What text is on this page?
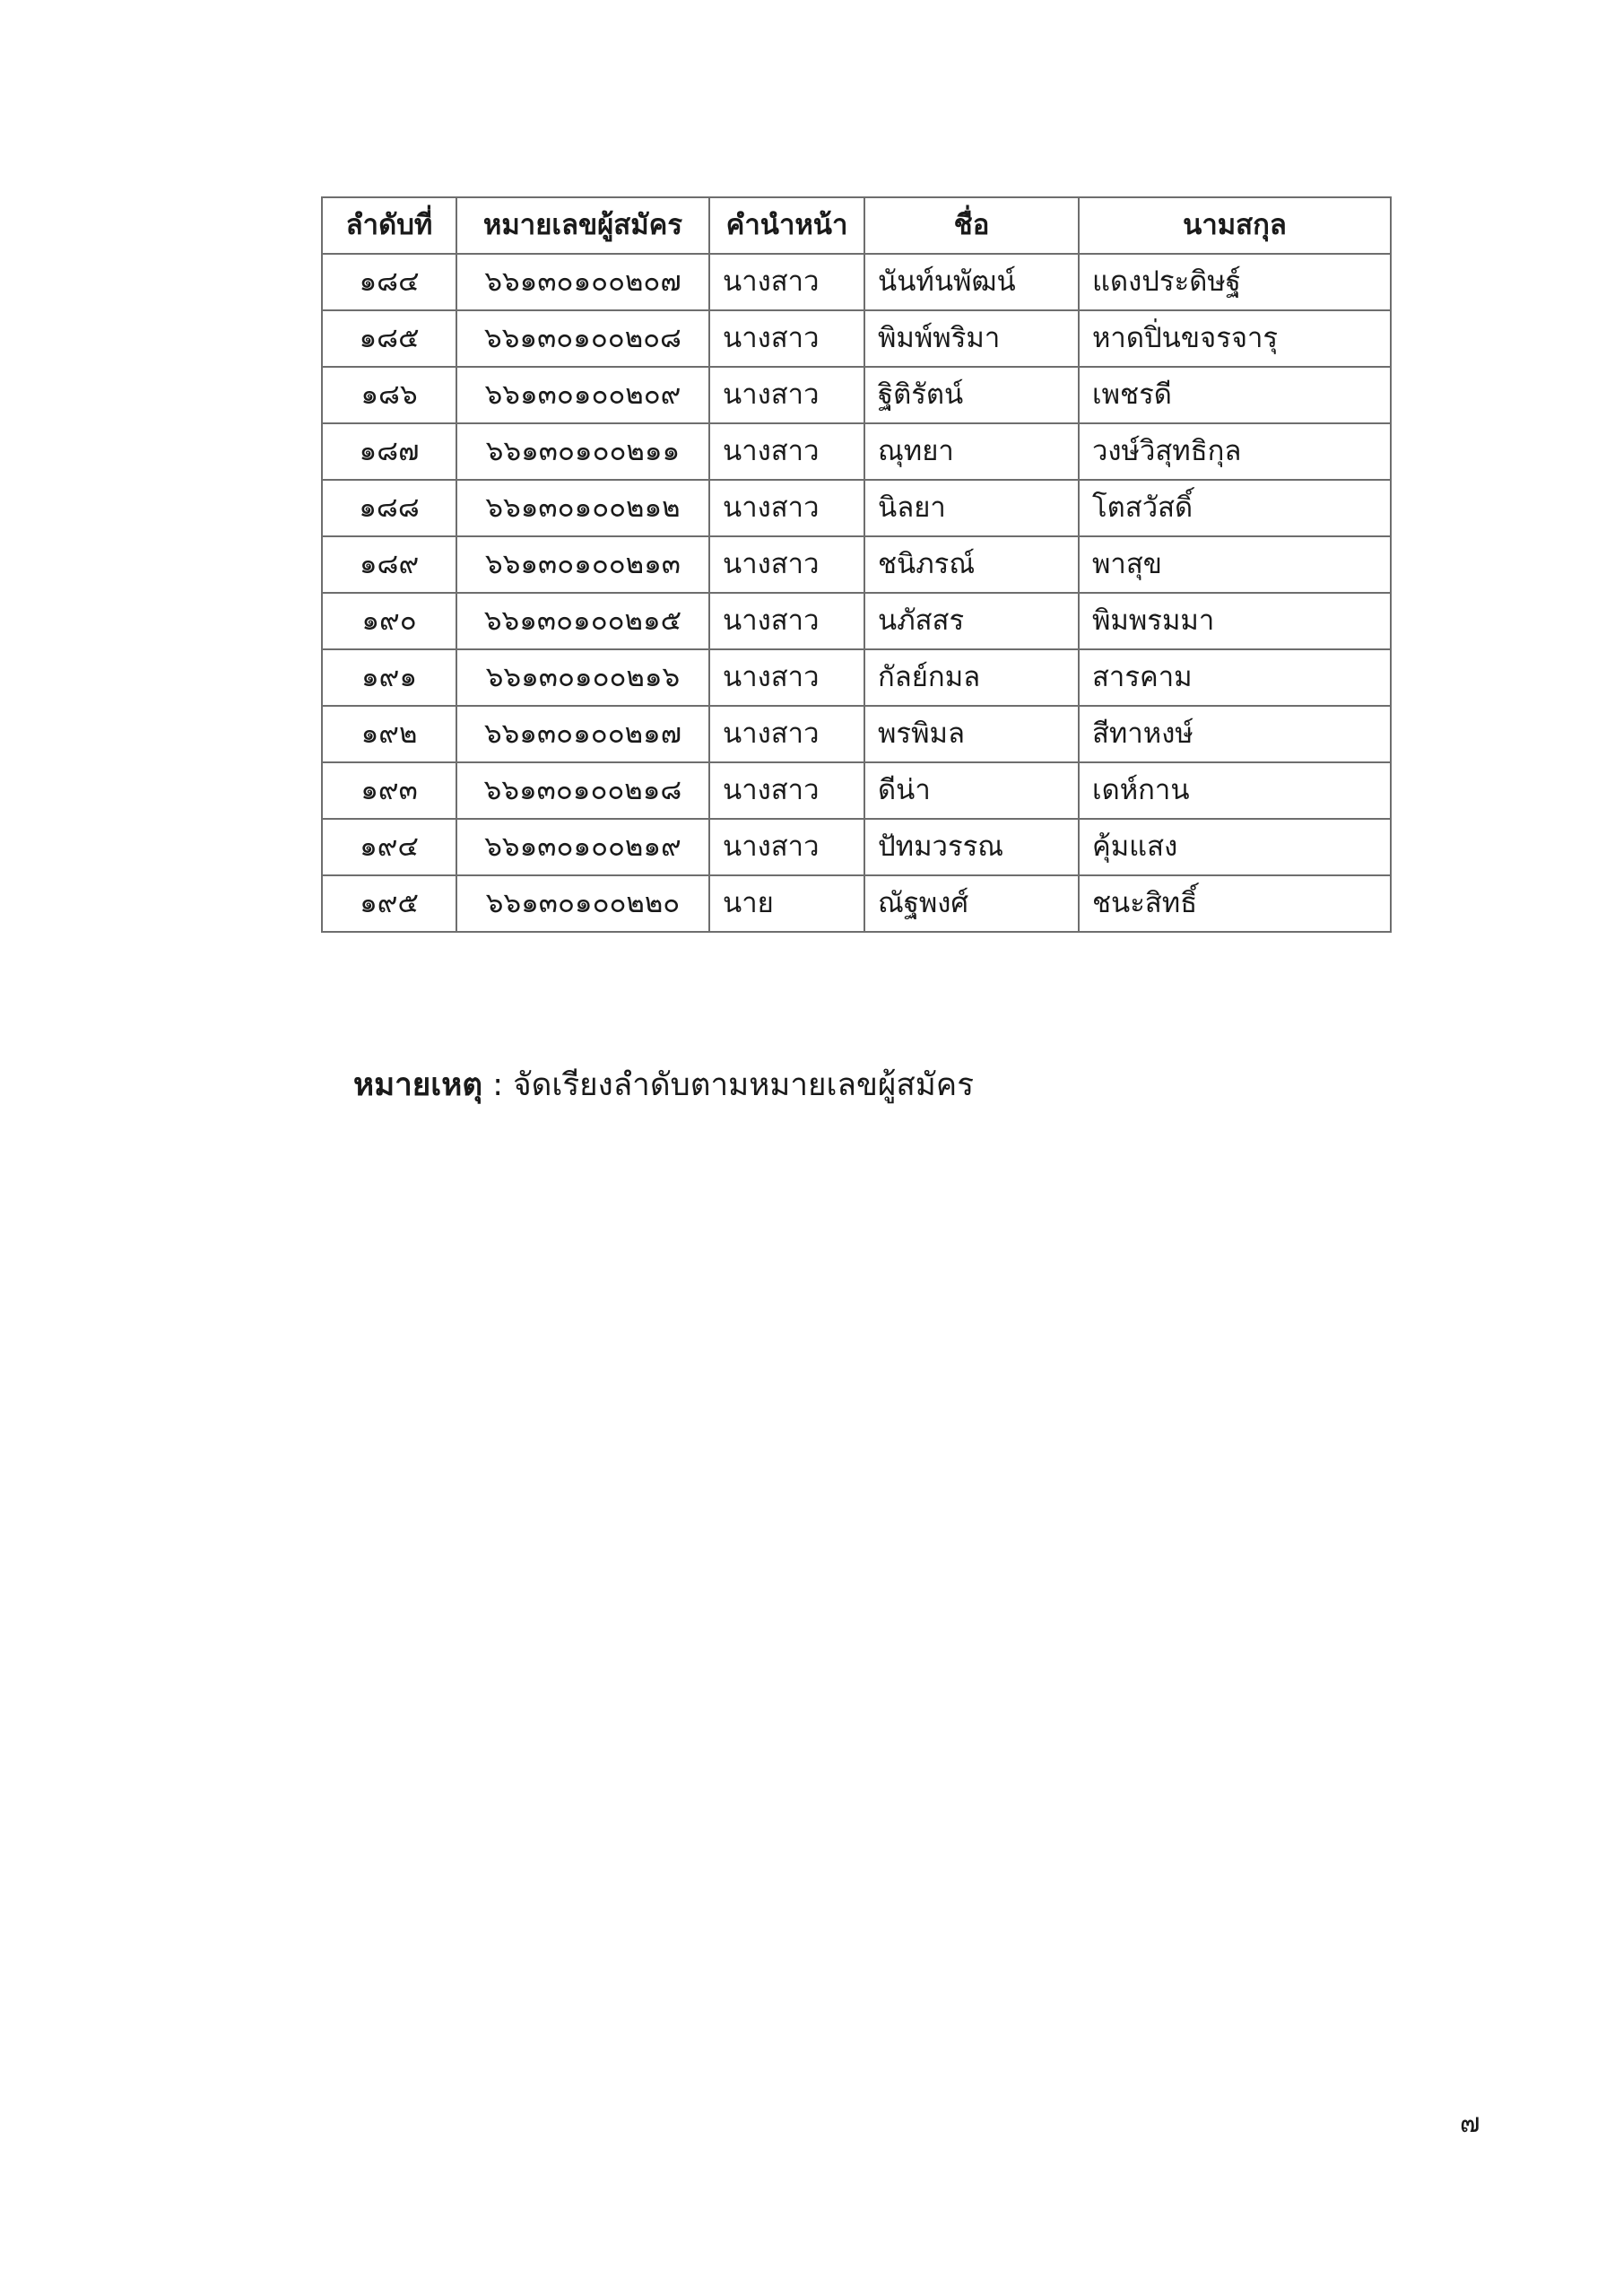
ลำดับที่	หมายเลขผู้สมัคร	คำนำหน้า	ชื่อ	นามสกุล
๑๘๔	๖๖๑๓๐๑๐๐๒๐๗	นางสาว	นันท์นพัฒน์	แดงประดิษฐ์
๑๘๕	๖๖๑๓๐๑๐๐๒๐๘	นางสาว	พิมพ์พริมา	หาดปิ่นขจรจารุ
๑๘๖	๖๖๑๓๐๑๐๐๒๐๙	นางสาว	ฐิติรัตน์	เพชรดี
๑๘๗	๖๖๑๓๐๑๐๐๒๑๑	นางสาว	ณุทยา	วงษ์วิสุทธิกุล
๑๘๘	๖๖๑๓๐๑๐๐๒๑๒	นางสาว	นิลยา	โตสวัสดิ์
๑๘๙	๖๖๑๓๐๑๐๐๒๑๓	นางสาว	ชนิภรณ์	พาสุข
๑๙๐	๖๖๑๓๐๑๐๐๒๑๕	นางสาว	นภัสสร	พิมพรมมา
๑๙๑	๖๖๑๓๐๑๐๐๒๑๖	นางสาว	กัลย์กมล	สารคาม
๑๙๒	๖๖๑๓๐๑๐๐๒๑๗	นางสาว	พรพิมล	สีทาหงษ์
๑๙๓	๖๖๑๓๐๑๐๐๒๑๘	นางสาว	ดีน่า	เดห์กาน
๑๙๔	๖๖๑๓๐๑๐๐๒๑๙	นางสาว	ปัทมวรรณ	คุ้มแสง
๑๙๕	๖๖๑๓๐๑๐๐๒๒๐	นาย	ณัฐพงศ์	ชนะสิทธิ์
หมายเหตุ : จัดเรียงลำดับตามหมายเลขผู้สมัคร
๗
